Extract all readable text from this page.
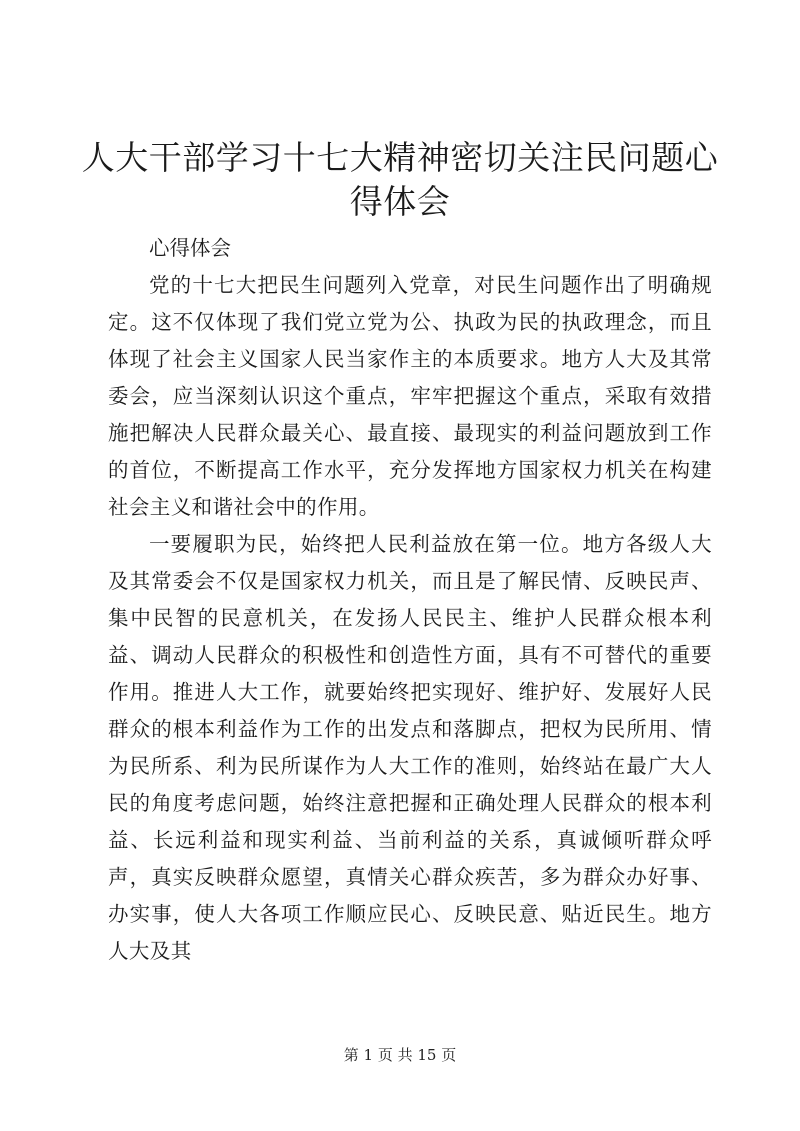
人大干部学习十七大精神密切关注民问题心得体会

心得体会

党的十七大把民生问题列入党章，对民生问题作出了明确规定。这不仅体现了我们党立党为公、执政为民的执政理念，而且体现了社会主义国家人民当家作主的本质要求。地方人大及其常委会，应当深刻认识这个重点，牢牢把握这个重点，采取有效措施把解决人民群众最关心、最直接、最现实的利益问题放到工作的首位，不断提高工作水平，充分发挥地方国家权力机关在构建社会主义和谐社会中的作用。

一要履职为民，始终把人民利益放在第一位。地方各级人大及其常委会不仅是国家权力机关，而且是了解民情、反映民声、集中民智的民意机关，在发扬人民民主、维护人民群众根本利益、调动人民群众的积极性和创造性方面，具有不可替代的重要作用。推进人大工作，就要始终把实现好、维护好、发展好人民群众的根本利益作为工作的出发点和落脚点，把权为民所用、情为民所系、利为民所谋作为人大工作的准则，始终站在最广大人民的角度考虑问题，始终注意把握和正确处理人民群众的根本利益、长远利益和现实利益、当前利益的关系，真诚倾听群众呼声，真实反映群众愿望，真情关心群众疾苦，多为群众办好事、办实事，使人大各项工作顺应民心、反映民意、贴近民生。地方人大及其

第 1 页 共 15 页
